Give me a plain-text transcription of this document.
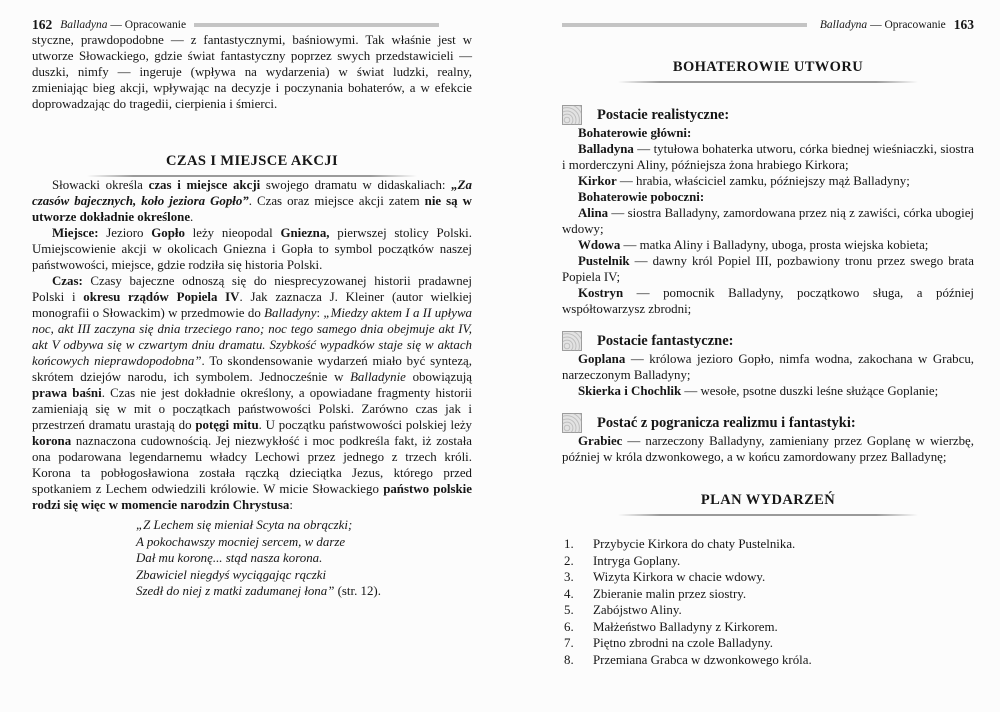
162 Balladyna — Opracowanie

styczne, prawdopodobne — z fantastycznymi, baśniowymi. Tak właśnie jest w utworze Słowackiego, gdzie świat fantastyczny poprzez swych przedstawicieli — duszki, nimfy — ingeruje (wpływa na wydarzenia) w świat ludzki, realny, zmieniając bieg akcji, wpływając na decyzje i poczynania bohaterów, a w efekcie doprowadzając do tragedii, cierpienia i śmierci.

CZAS I MIEJSCE AKCJI

Słowacki określa czas i miejsce akcji swojego dramatu w didaskaliach: „Za czasów bajecznych, koło jeziora Gopło”. Czas oraz miejsce akcji zatem nie są w utworze dokładnie określone.

Miejsce: Jezioro Gopło leży nieopodal Gniezna, pierwszej stolicy Polski. Umiejscowienie akcji w okolicach Gniezna i Gopła to symbol początków naszej państwowości, miejsce, gdzie rodziła się historia Polski.

Czas: Czasy bajeczne odnoszą się do niesprecyzowanej historii pradawnej Polski i okresu rządów Popiela IV. Jak zaznacza J. Kleiner (autor wielkiej monografii o Słowackim) w przedmowie do Balladyny: „Miedzy aktem I a II upływa noc, akt III zaczyna się dnia trzeciego rano; noc tego samego dnia obejmuje akt IV, akt V odbywa się w czwartym dniu dramatu. Szybkość wypadków staje się w aktach końcowych nieprawdopodobna”. To skondensowanie wydarzeń miało być syntezą, skrótem dziejów narodu, ich symbolem. Jednocześnie w Balladynie obowiązują prawa baśni. Czas nie jest dokładnie określony, a opowiadane fragmenty historii zamieniają się w mit o początkach państwowości Polski. Zarówno czas jak i przestrzeń dramatu urastają do potęgi mitu. U początku państwowości polskiej leży korona naznaczona cudownością. Jej niezwykłość i moc podkreśla fakt, iż została ona podarowana legendarnemu władcy Lechowi przez jednego z trzech króli. Korona ta pobłogosławiona została rączką dzieciątka Jezus, którego przed spotkaniem z Lechem odwiedzili królowie. W micie Słowackiego państwo polskie rodzi się więc w momencie narodzin Chrystusa:

„Z Lechem się mieniał Scyta na obrączki;
A pokochawszy mocniej sercem, w darze
Dał mu koronę... stąd nasza korona.
Zbawiciel niegdyś wyciągając rączki
Szedł do niej z matki zadumanej łona” (str. 12).
Balladyna — Opracowanie 163
BOHATEROWIE UTWORU
Postacie realistyczne:

Bohaterowie główni:

Balladyna — tytułowa bohaterka utworu, córka biednej wieśniaczki, siostra i morderczyni Aliny, późniejsza żona hrabiego Kirkora;

Kirkor — hrabia, właściciel zamku, późniejszy mąż Balladyny;

Bohaterowie poboczni:

Alina — siostra Balladyny, zamordowana przez nią z zawiści, córka ubogiej wdowy;

Wdowa — matka Aliny i Balladyny, uboga, prosta wiejska kobieta;

Pustelnik — dawny król Popiel III, pozbawiony tronu przez swego brata Popiela IV;

Kostryn — pomocnik Balladyny, początkowo sługa, a później współtowarzysz zbrodni;

Postacie fantastyczne:

Goplana — królowa jezioro Gopło, nimfa wodna, zakochana w Grabcu, narzeczonym Balladyny;

Skierka i Chochlik — wesołe, psotne duszki leśne służące Goplanie;

Postać z pogranicza realizmu i fantastyki:

Grabiec — narzeczony Balladyny, zamieniany przez Goplanę w wierzbę, później w króla dzwonkowego, a w końcu zamordowany przez Balladynę;

PLAN WYDARZEŃ
1.	Przybycie Kirkora do chaty Pustelnika.
2.	Intryga Goplany.
3.	Wizyta Kirkora w chacie wdowy.
4.	Zbieranie malin przez siostry.
5.	Zabójstwo Aliny.
6.	Małżeństwo Balladyny z Kirkorem.
7.	Piętno zbrodni na czole Balladyny.
8.	Przemiana Grabca w dzwonkowego króla.
